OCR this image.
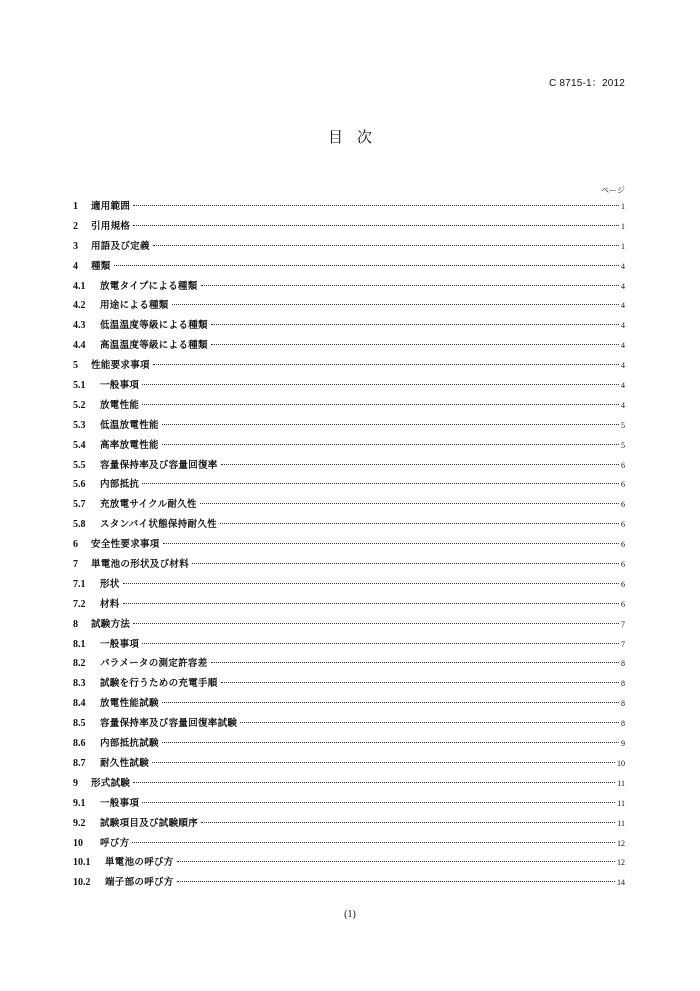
C 8715-1：2012
目次
ページ
1	適用範囲	1
2	引用規格	1
3	用語及び定義	1
4	種類	4
4.1	放電タイプによる種類	4
4.2	用途による種類	4
4.3	低温温度等級による種類	4
4.4	高温温度等級による種類	4
5	性能要求事項	4
5.1	一般事項	4
5.2	放電性能	4
5.3	低温放電性能	5
5.4	高率放電性能	5
5.5	容量保持率及び容量回復率	6
5.6	内部抵抗	6
5.7	充放電サイクル耐久性	6
5.8	スタンバイ状態保持耐久性	6
6	安全性要求事項	6
7	単電池の形状及び材料	6
7.1	形状	6
7.2	材料	6
8	試験方法	7
8.1	一般事項	7
8.2	パラメータの測定許容差	8
8.3	試験を行うための充電手順	8
8.4	放電性能試験	8
8.5	容量保持率及び容量回復率試験	8
8.6	内部抵抗試験	9
8.7	耐久性試験	10
9	形式試験	11
9.1	一般事項	11
9.2	試験項目及び試験順序	11
10	呼び方	12
10.1	単電池の呼び方	12
10.2	端子部の呼び方	14
(1)
